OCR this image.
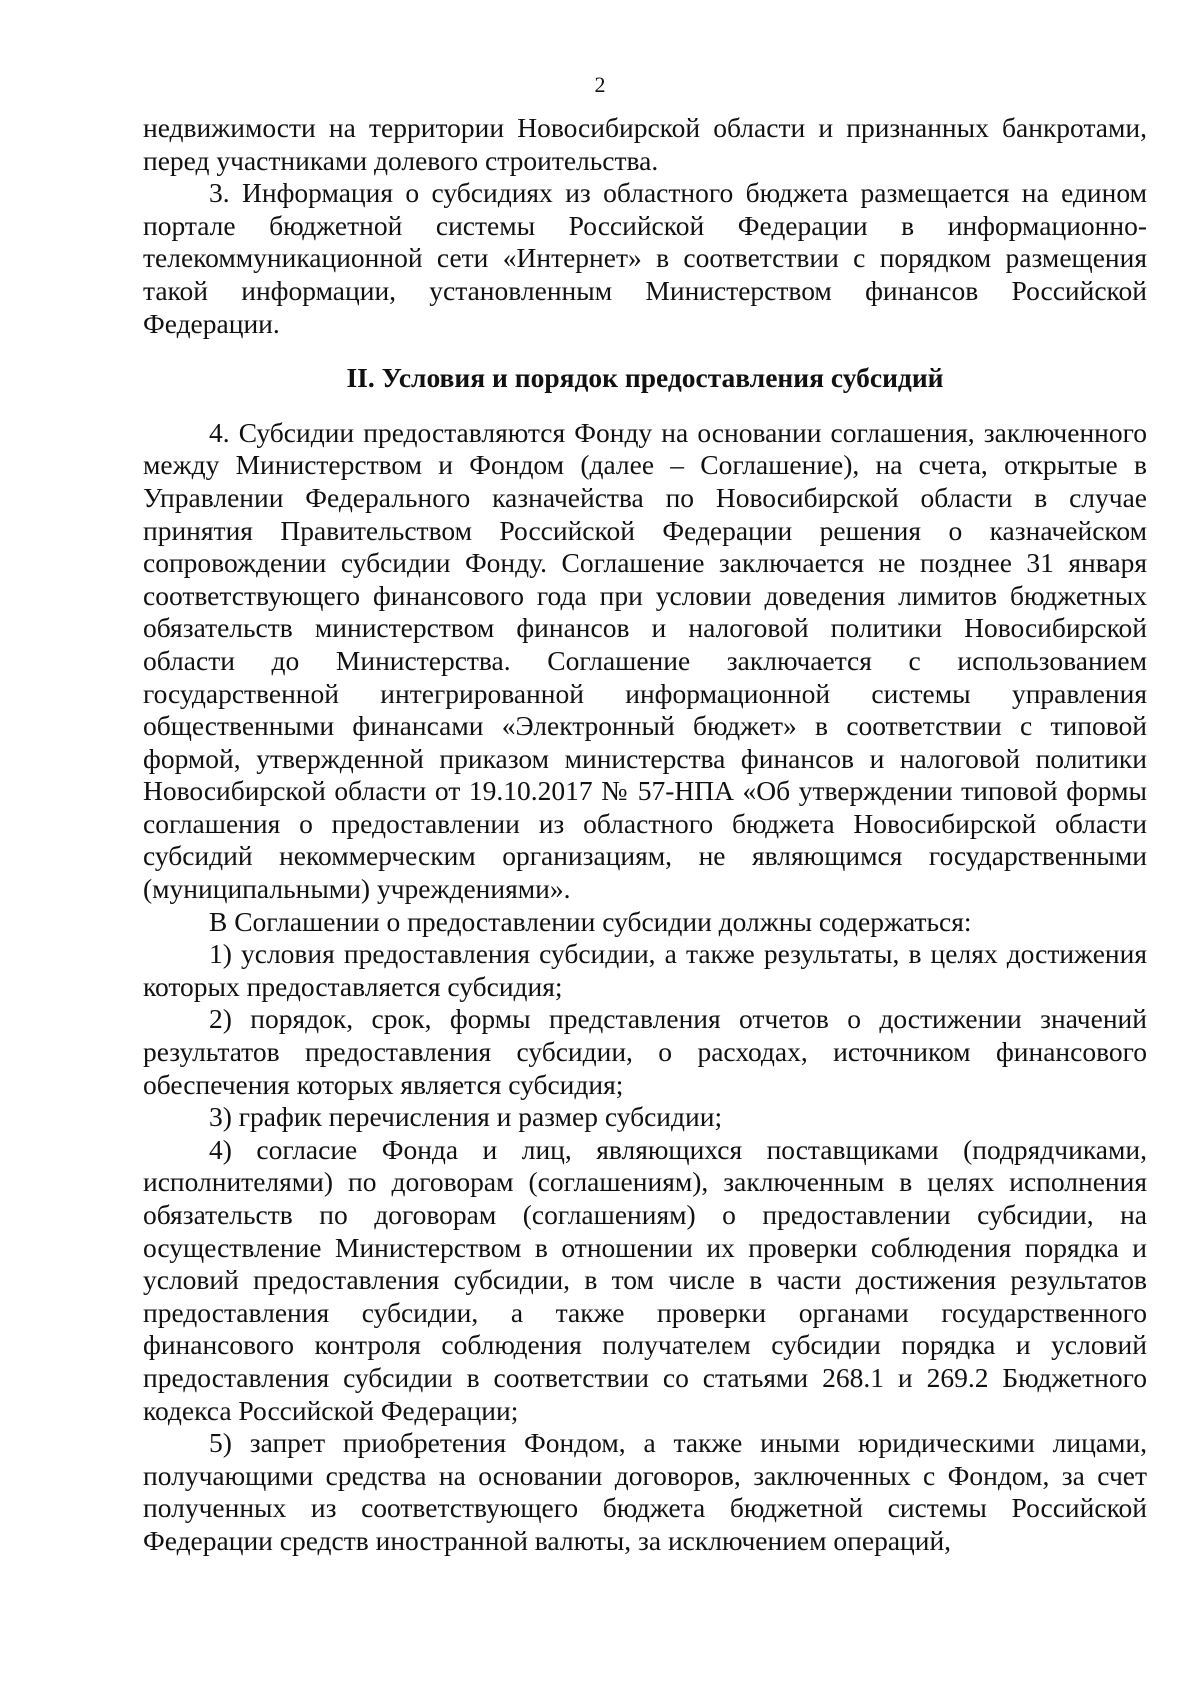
2

недвижимости на территории Новосибирской области и признанных банкротами, перед участниками долевого строительства.

3. Информация о субсидиях из областного бюджета размещается на едином портале бюджетной системы Российской Федерации в информационно-телекоммуникационной сети «Интернет» в соответствии с порядком размещения такой информации, установленным Министерством финансов Российской Федерации.

II. Условия и порядок предоставления субсидий

4. Субсидии предоставляются Фонду на основании соглашения, заключенного между Министерством и Фондом (далее – Соглашение), на счета, открытые в Управлении Федерального казначейства по Новосибирской области в случае принятия Правительством Российской Федерации решения о казначейском сопровождении субсидии Фонду. Соглашение заключается не позднее 31 января соответствующего финансового года при условии доведения лимитов бюджетных обязательств министерством финансов и налоговой политики Новосибирской области до Министерства. Соглашение заключается с использованием государственной интегрированной информационной системы управления общественными финансами «Электронный бюджет» в соответствии с типовой формой, утвержденной приказом министерства финансов и налоговой политики Новосибирской области от 19.10.2017 № 57-НПА «Об утверждении типовой формы соглашения о предоставлении из областного бюджета Новосибирской области субсидий некоммерческим организациям, не являющимся государственными (муниципальными) учреждениями».

В Соглашении о предоставлении субсидии должны содержаться:

1) условия предоставления субсидии, а также результаты, в целях достижения которых предоставляется субсидия;

2) порядок, срок, формы представления отчетов о достижении значений результатов предоставления субсидии, о расходах, источником финансового обеспечения которых является субсидия;

3) график перечисления и размер субсидии;

4) согласие Фонда и лиц, являющихся поставщиками (подрядчиками, исполнителями) по договорам (соглашениям), заключенным в целях исполнения обязательств по договорам (соглашениям) о предоставлении субсидии, на осуществление Министерством в отношении их проверки соблюдения порядка и условий предоставления субсидии, в том числе в части достижения результатов предоставления субсидии, а также проверки органами государственного финансового контроля соблюдения получателем субсидии порядка и условий предоставления субсидии в соответствии со статьями 268.1 и 269.2 Бюджетного кодекса Российской Федерации;

5) запрет приобретения Фондом, а также иными юридическими лицами, получающими средства на основании договоров, заключенных с Фондом, за счет полученных из соответствующего бюджета бюджетной системы Российской Федерации средств иностранной валюты, за исключением операций,
